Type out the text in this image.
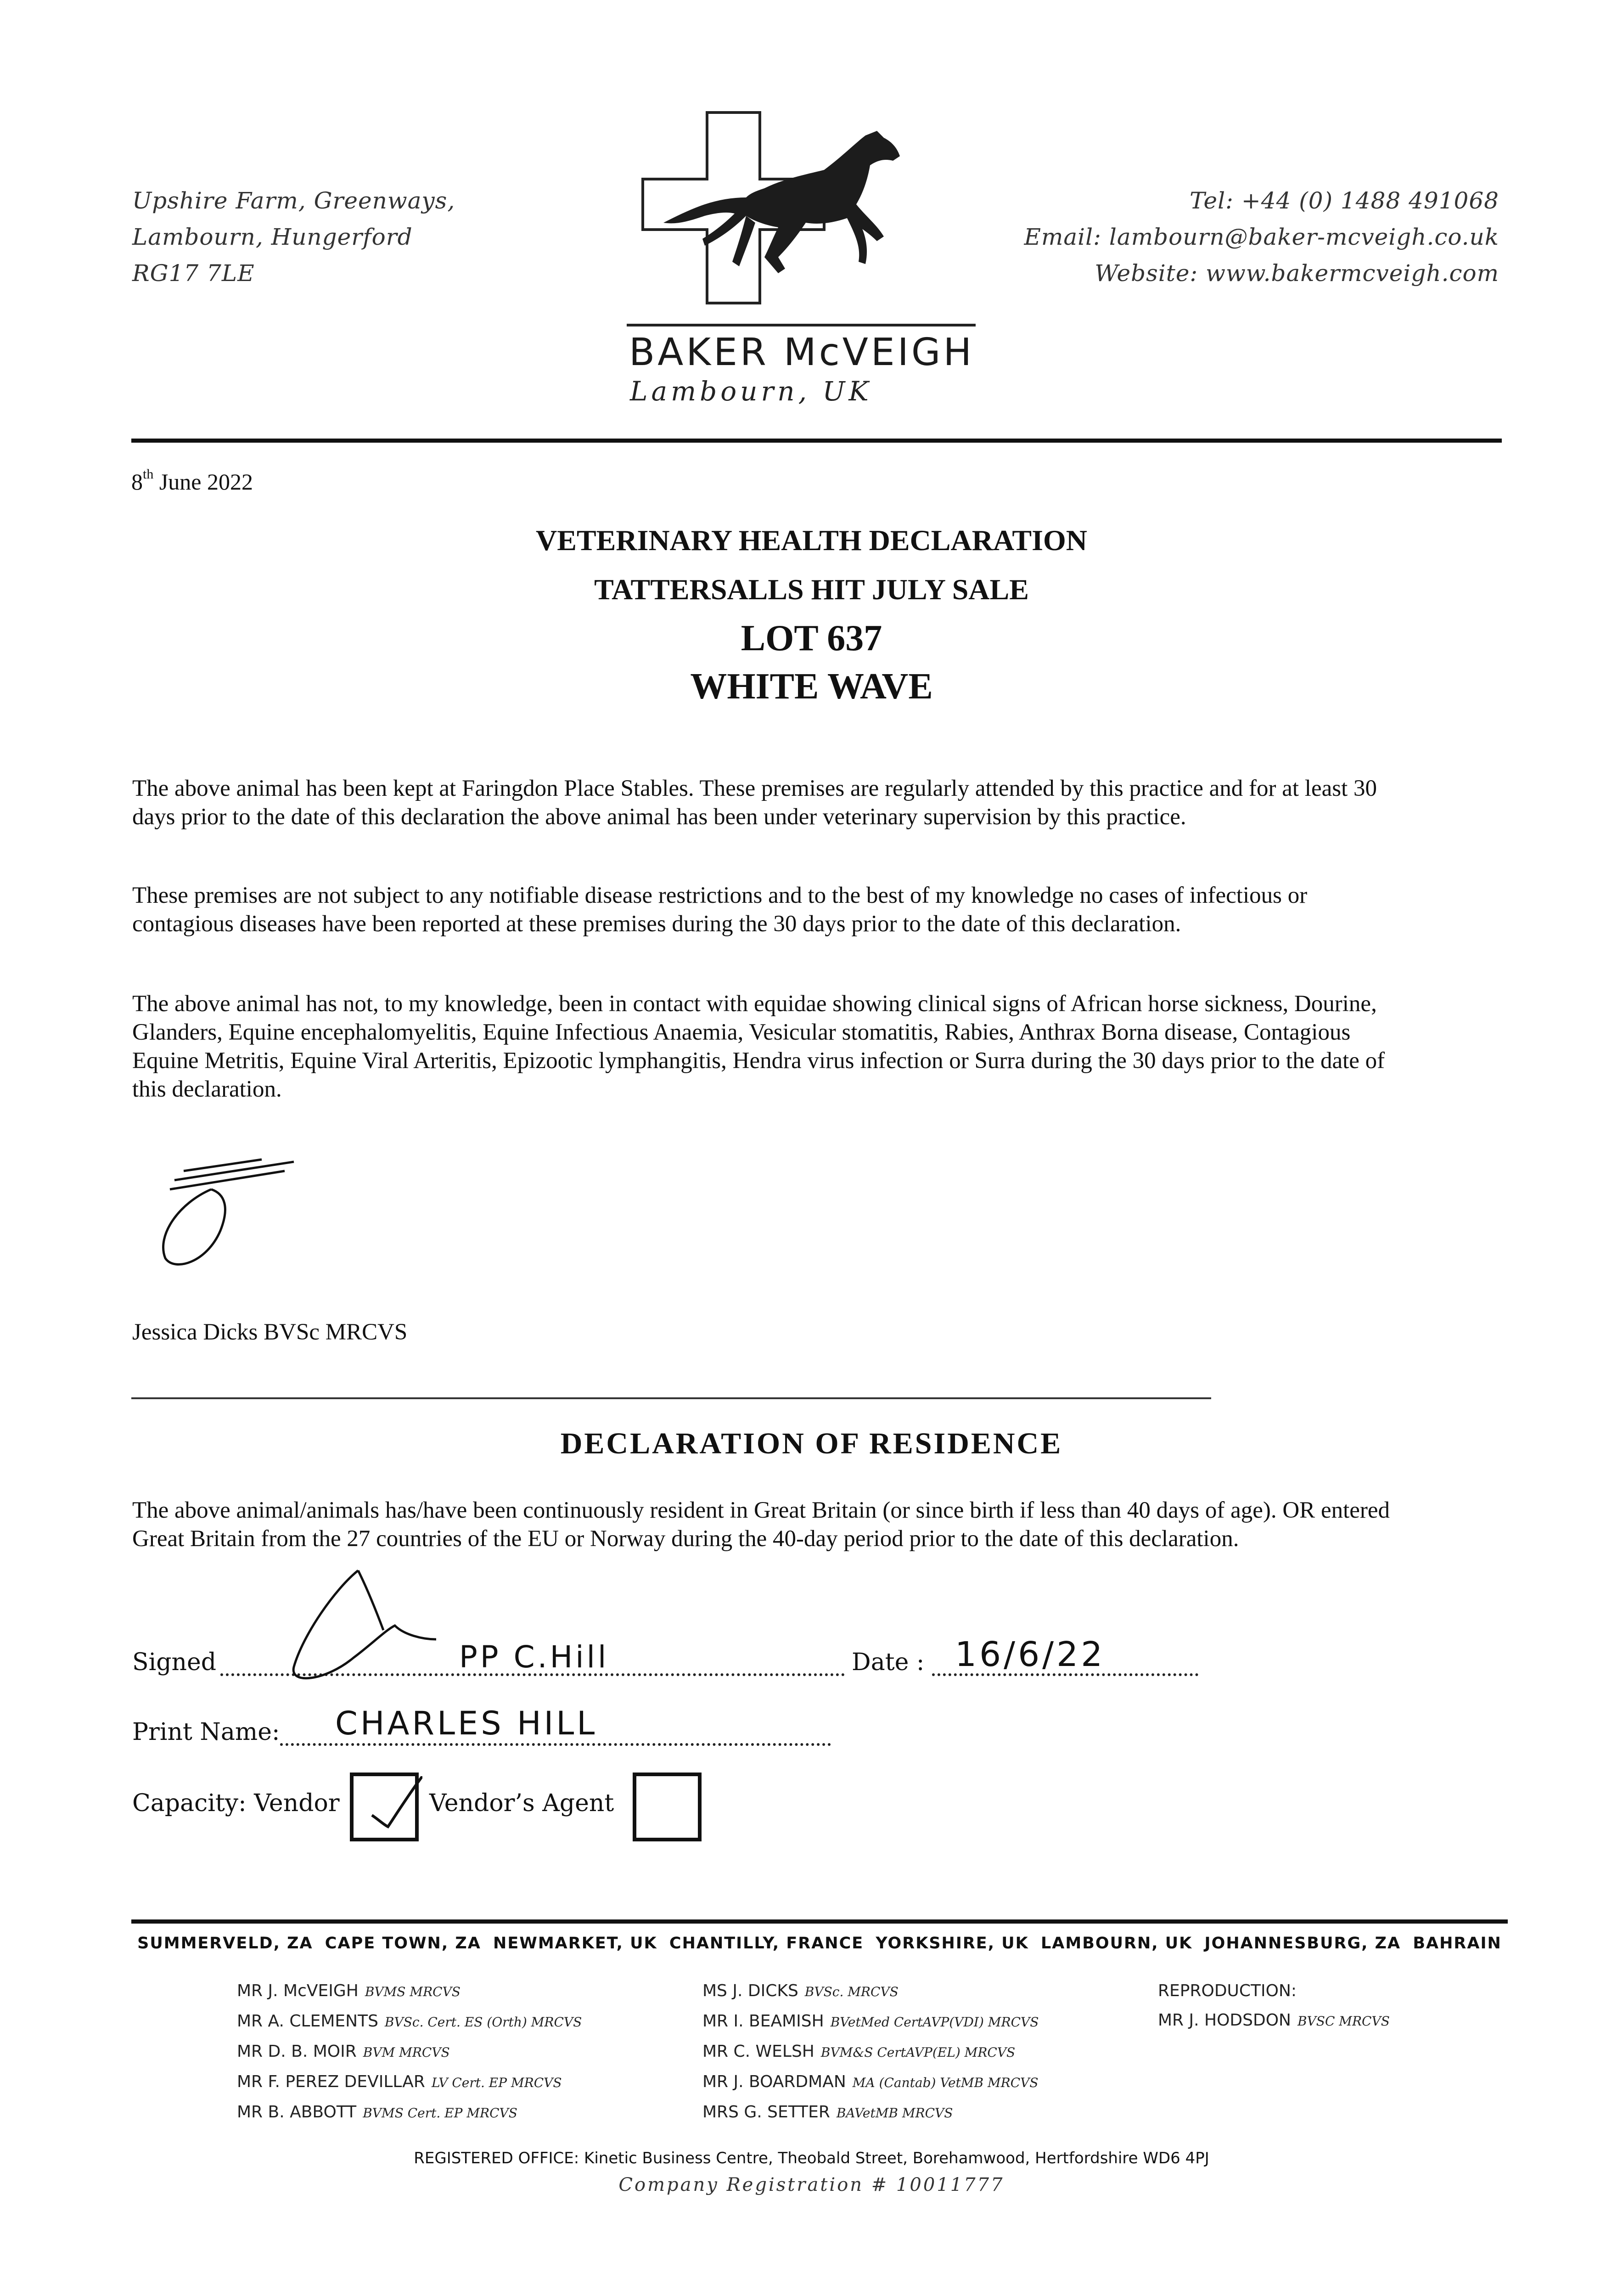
Upshire Farm, Greenways,
Lambourn, Hungerford
RG17 7LE
BAKER McVEIGH
Lambourn, UK
Tel: +44 (0) 1488 491068
Email: lambourn@baker-mcveigh.co.uk
Website: www.bakermcveigh.com
8th June 2022
VETERINARY HEALTH DECLARATION
TATTERSALLS HIT JULY SALE
LOT 637
WHITE WAVE
The above animal has been kept at Faringdon Place Stables. These premises are regularly attended by this practice and for at least 30 days prior to the date of this declaration the above animal has been under veterinary supervision by this practice.
These premises are not subject to any notifiable disease restrictions and to the best of my knowledge no cases of infectious or contagious diseases have been reported at these premises during the 30 days prior to the date of this declaration.
The above animal has not, to my knowledge, been in contact with equidae showing clinical signs of African horse sickness, Dourine, Glanders, Equine encephalomyelitis, Equine Infectious Anaemia, Vesicular stomatitis, Rabies, Anthrax Borna disease, Contagious Equine Metritis, Equine Viral Arteritis, Epizootic lymphangitis, Hendra virus infection or Surra during the 30 days prior to the date of this declaration.
Jessica Dicks BVSc MRCVS
DECLARATION OF RESIDENCE
The above animal/animals has/have been continuously resident in Great Britain (or since birth if less than 40 days of age). OR entered Great Britain from the 27 countries of the EU or Norway during the 40-day period prior to the date of this declaration.
Signed	PP C.Hill	Date : 16/6/22
Print Name: CHARLES HILL
Capacity: Vendor	Vendor’s Agent
SUMMERVELD, ZA CAPE TOWN, ZA NEWMARKET, UK CHANTILLY, FRANCE YORKSHIRE, UK LAMBOURN, UK JOHANNESBURG, ZA BAHRAIN
MR J. McVEIGH BVMS MRCVS
MR A. CLEMENTS BVSc. Cert. ES (Orth) MRCVS
MR D. B. MOIR BVM MRCVS
MR F. PEREZ DEVILLAR LV Cert. EP MRCVS
MR B. ABBOTT BVMS Cert. EP MRCVS
MS J. DICKS BVSc. MRCVS
MR I. BEAMISH BVetMed CertAVP(VDI) MRCVS
MR C. WELSH BVM&S CertAVP(EL) MRCVS
MR J. BOARDMAN MA (Cantab) VetMB MRCVS
MRS G. SETTER BAVetMB MRCVS
REPRODUCTION:
MR J. HODSDON BVSC MRCVS
REGISTERED OFFICE: Kinetic Business Centre, Theobald Street, Borehamwood, Hertfordshire WD6 4PJ
Company Registration # 10011777
